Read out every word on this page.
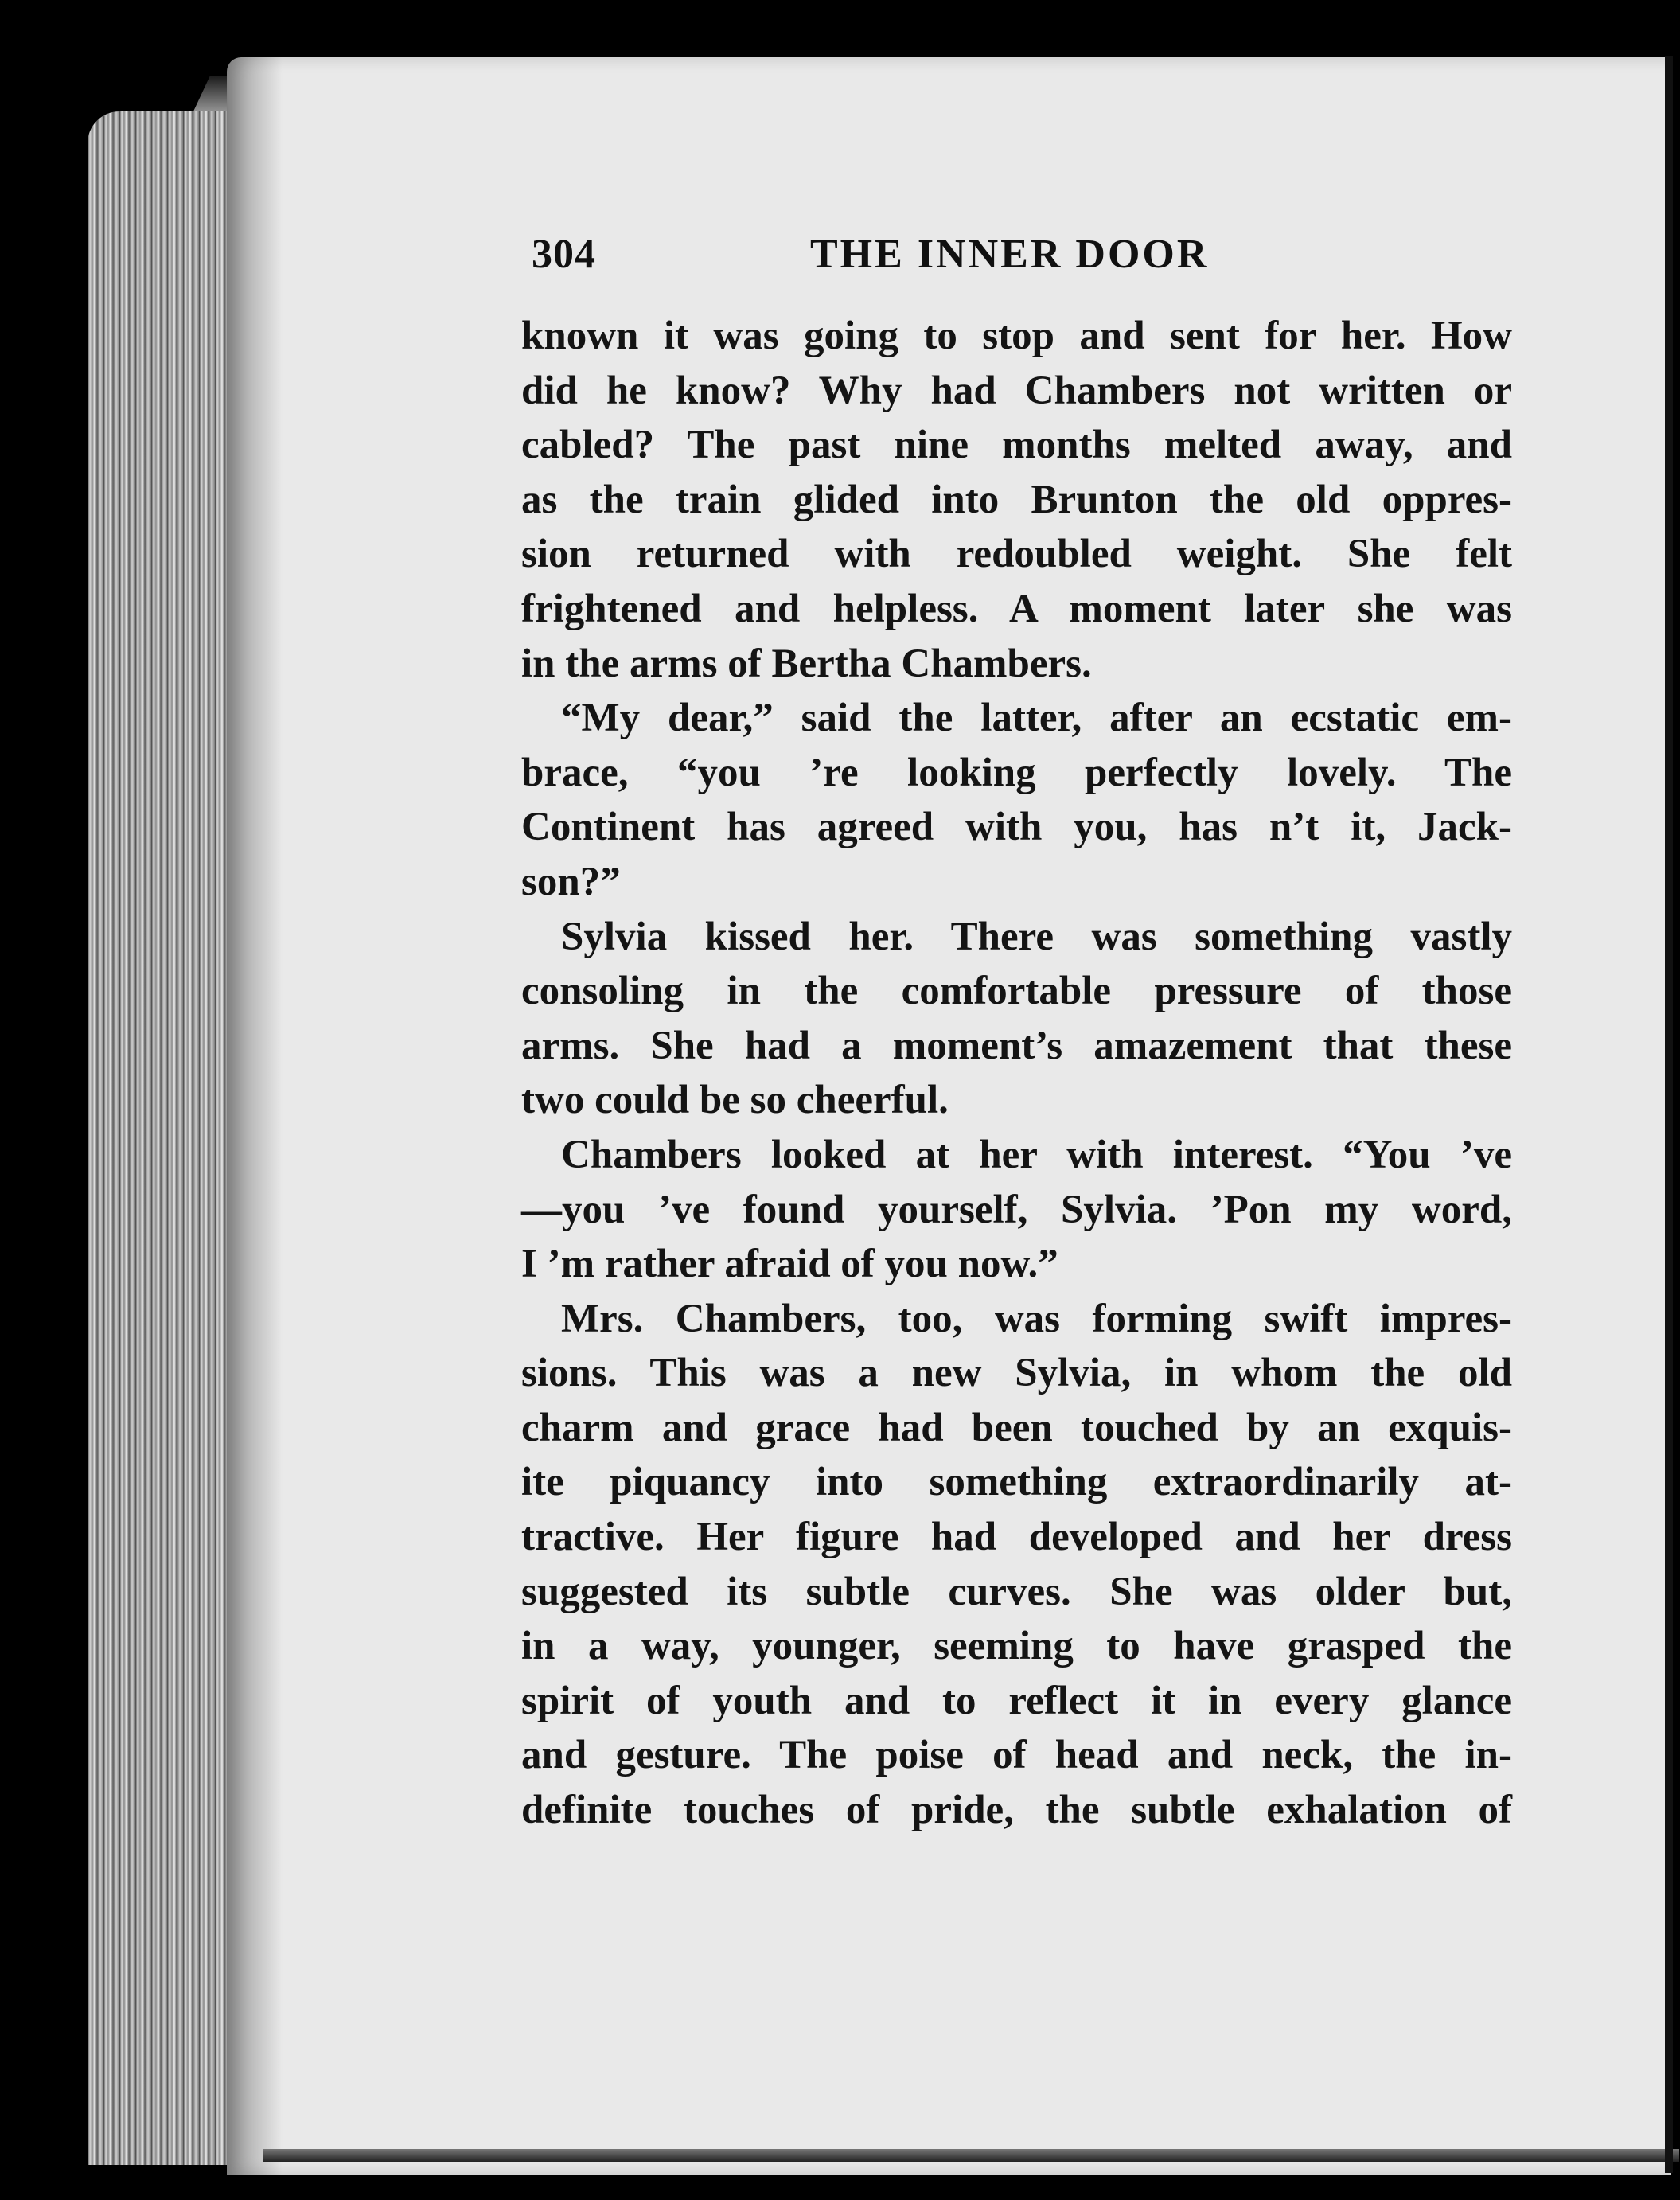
304	THE INNER DOOR
known it was going to stop and sent for her. How
did he know? Why had Chambers not written or
cabled? The past nine months melted away, and
as the train glided into Brunton the old oppres-
sion returned with redoubled weight. She felt
frightened and helpless. A moment later she was
in the arms of Bertha Chambers.
“My dear,” said the latter, after an ecstatic em-
brace, “you ’re looking perfectly lovely. The
Continent has agreed with you, has n’t it, Jack-
son?”
Sylvia kissed her. There was something vastly
consoling in the comfortable pressure of those
arms. She had a moment’s amazement that these
two could be so cheerful.
Chambers looked at her with interest. “You ’ve
—you ’ve found yourself, Sylvia. ’Pon my word,
I ’m rather afraid of you now.”
Mrs. Chambers, too, was forming swift impres-
sions. This was a new Sylvia, in whom the old
charm and grace had been touched by an exquis-
ite piquancy into something extraordinarily at-
tractive. Her figure had developed and her dress
suggested its subtle curves. She was older but,
in a way, younger, seeming to have grasped the
spirit of youth and to reflect it in every glance
and gesture. The poise of head and neck, the in-
definite touches of pride, the subtle exhalation of
